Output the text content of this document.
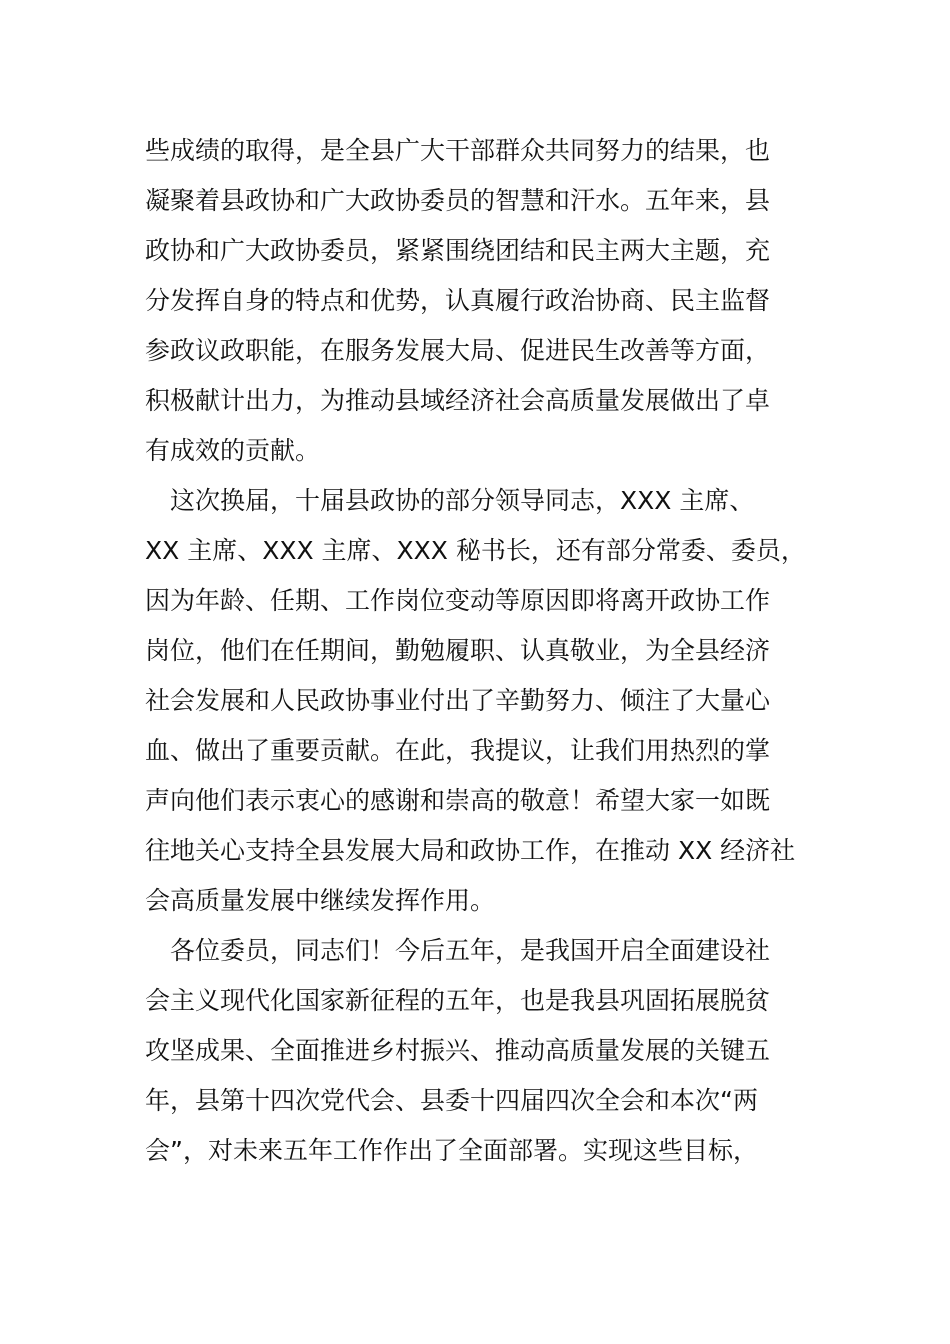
些成绩的取得，是全县广大干部群众共同努力的结果，也
凝聚着县政协和广大政协委员的智慧和汗水。五年来，县
政协和广大政协委员，紧紧围绕团结和民主两大主题，充
分发挥自身的特点和优势，认真履行政治协商、民主监督
参政议政职能，在服务发展大局、促进民生改善等方面，
积极献计出力，为推动县域经济社会高质量发展做出了卓
有成效的贡献。
　这次换届，十届县政协的部分领导同志，XXX 主席、
XX 主席、XXX 主席、XXX 秘书长，还有部分常委、委员，
因为年龄、任期、工作岗位变动等原因即将离开政协工作
岗位，他们在任期间，勤勉履职、认真敬业，为全县经济
社会发展和人民政协事业付出了辛勤努力、倾注了大量心
血、做出了重要贡献。在此，我提议，让我们用热烈的掌
声向他们表示衷心的感谢和崇高的敬意！希望大家一如既
往地关心支持全县发展大局和政协工作，在推动 XX 经济社
会高质量发展中继续发挥作用。
　各位委员，同志们！今后五年，是我国开启全面建设社
会主义现代化国家新征程的五年，也是我县巩固拓展脱贫
攻坚成果、全面推进乡村振兴、推动高质量发展的关键五
年，县第十四次党代会、县委十四届四次全会和本次“两
会”，对未来五年工作作出了全面部署。实现这些目标，
